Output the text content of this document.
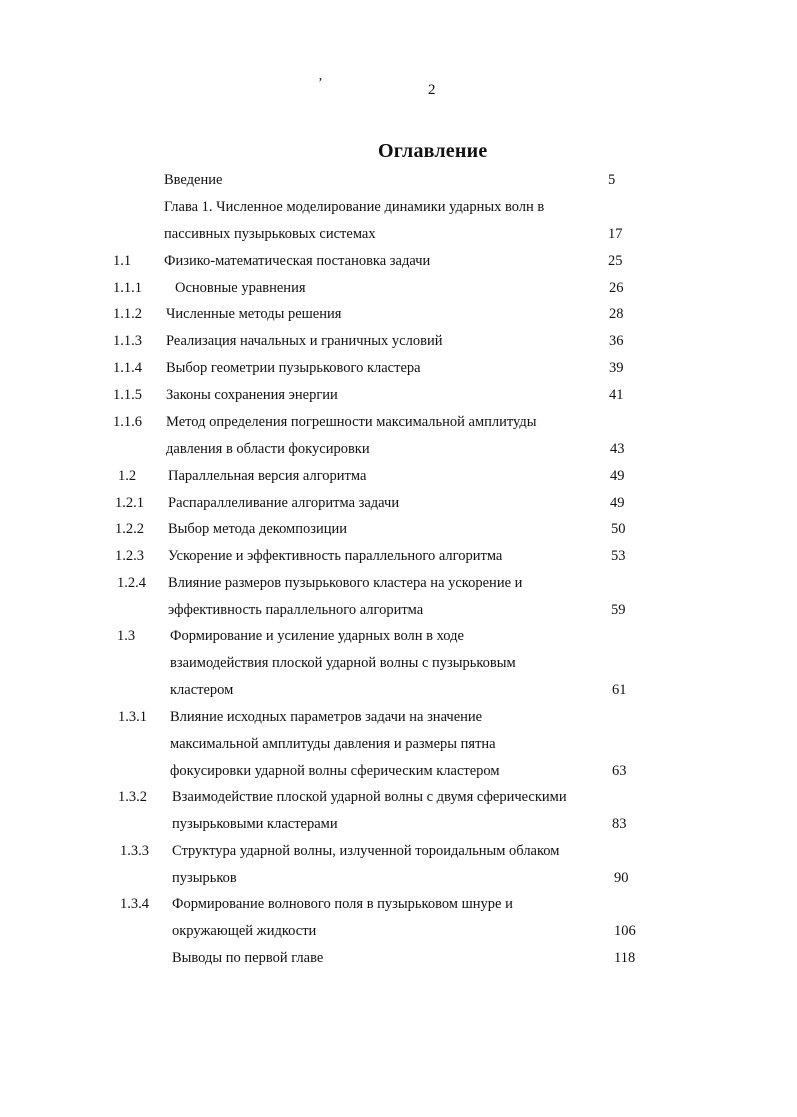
’	2
Оглавление
Введение	5
Глава 1. Численное моделирование динамики ударных волн в
пассивных пузырьковых системах	17
1.1 Физико-математическая постановка задачи	25
1.1.1 Основные уравнения	26
1.1.2 Численные методы решения	28
1.1.3 Реализация начальных и граничных условий	36
1.1.4 Выбор геометрии пузырькового кластера	39
1.1.5 Законы сохранения энергии	41
1.1.6 Метод определения погрешности максимальной амплитуды
давления в области фокусировки	43
1.2 Параллельная версия алгоритма	49
1.2.1 Распараллеливание алгоритма задачи	49
1.2.2 Выбор метода декомпозиции	50
1.2.3 Ускорение и эффективность параллельного алгоритма	53
1.2.4 Влияние размеров пузырькового кластера на ускорение и
эффективность параллельного алгоритма	59
1.3 Формирование и усиление ударных волн в ходе
взаимодействия плоской ударной волны с пузырьковым
кластером	61
1.3.1 Влияние исходных параметров задачи на значение
максимальной амплитуды давления и размеры пятна
фокусировки ударной волны сферическим кластером	63
1.3.2 Взаимодействие плоской ударной волны с двумя сферическими
пузырьковыми кластерами	83
1.3.3 Структура ударной волны, излученной тороидальным облаком
пузырьков	90
1.3.4 Формирование волнового поля в пузырьковом шнуре и
окружающей жидкости	106
Выводы по первой главе	118
